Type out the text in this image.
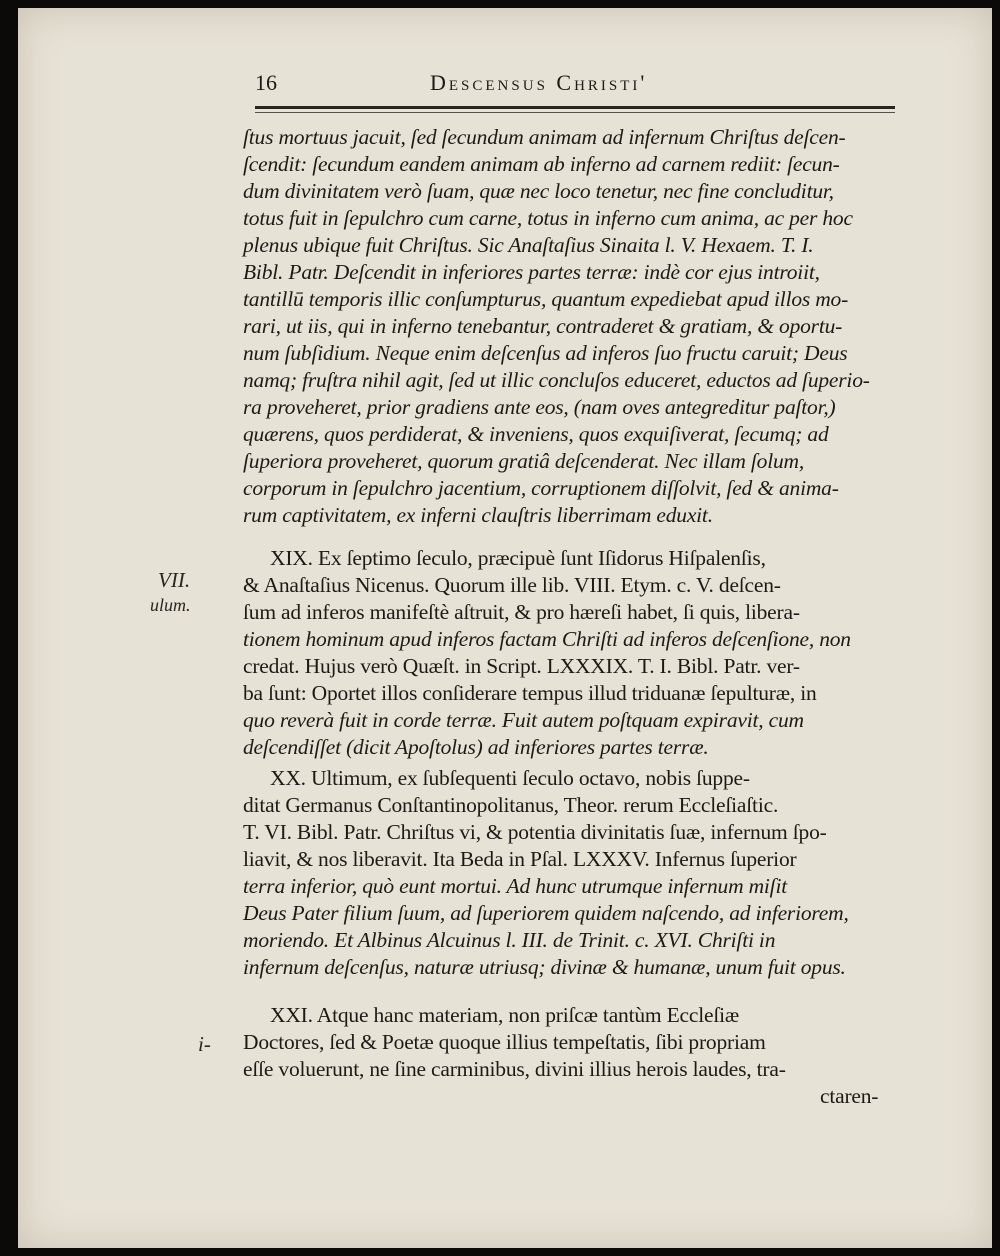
16	Descensus Christi'
VII.
ulum.
i-
ſtus mortuus jacuit, ſed ſecundum animam ad infernum Chriſtus deſcen-
ſcendit: ſecundum eandem animam ab inferno ad carnem rediit: ſecun-
dum divinitatem verò ſuam, quæ nec loco tenetur, nec fine concluditur,
totus fuit in ſepulchro cum carne, totus in inferno cum anima, ac per hoc
plenus ubique fuit Chriſtus. Sic Anaſtaſius Sinaita l. V. Hexaem. T. I.
Bibl. Patr. Deſcendit in inferiores partes terræ: indè cor ejus introiit,
tantillū temporis illic conſumpturus, quantum expediebat apud illos mo-
rari, ut iis, qui in inferno tenebantur, contraderet & gratiam, & oportu-
num ſubſidium. Neque enim deſcenſus ad inferos ſuo fructu caruit; Deus
namq; fruſtra nihil agit, ſed ut illic concluſos educeret, eductos ad ſuperio-
ra proveheret, prior gradiens ante eos, (nam oves antegreditur paſtor,)
quærens, quos perdiderat, & inveniens, quos exquiſiverat, ſecumq; ad
ſuperiora proveheret, quorum gratiâ deſcenderat. Nec illam ſolum,
corporum in ſepulchro jacentium, corruptionem diſſolvit, ſed & anima-
rum captivitatem, ex inferni clauſtris liberrimam eduxit.
XIX. Ex ſeptimo ſeculo, præcipuè ſunt Iſidorus Hiſpalenſis,
& Anaſtaſius Nicenus. Quorum ille lib. VIII. Etym. c. V. deſcen-
ſum ad inferos manifeſtè aſtruit, & pro hæreſi habet, ſi quis, libera-
tionem hominum apud inferos factam Chriſti ad inferos deſcenſione, non
credat. Hujus verò Quæſt. in Script. LXXXIX. T. I. Bibl. Patr. ver-
ba ſunt: Oportet illos conſiderare tempus illud triduanæ ſepulturæ, in
quo reverà fuit in corde terræ. Fuit autem poſtquam expiravit, cum
deſcendiſſet (dicit Apoſtolus) ad inferiores partes terræ.
XX. Ultimum, ex ſubſequenti ſeculo octavo, nobis ſuppe-
ditat Germanus Conſtantinopolitanus, Theor. rerum Eccleſiaſtic.
T. VI. Bibl. Patr. Chriſtus vi, & potentia divinitatis ſuæ, infernum ſpo-
liavit, & nos liberavit. Ita Beda in Pſal. LXXXV. Infernus ſuperior
terra inferior, quò eunt mortui. Ad hunc utrumque infernum miſit
Deus Pater filium ſuum, ad ſuperiorem quidem naſcendo, ad inferiorem,
moriendo. Et Albinus Alcuinus l. III. de Trinit. c. XVI. Chriſti in
infernum deſcenſus, naturæ utriusq; divinæ & humanæ, unum fuit opus.
XXI. Atque hanc materiam, non priſcæ tantùm Eccleſiæ
Doctores, ſed & Poetæ quoque illius tempeſtatis, ſibi propriam
eſſe voluerunt, ne ſine carminibus, divini illius herois laudes, tra-
ctaren-
